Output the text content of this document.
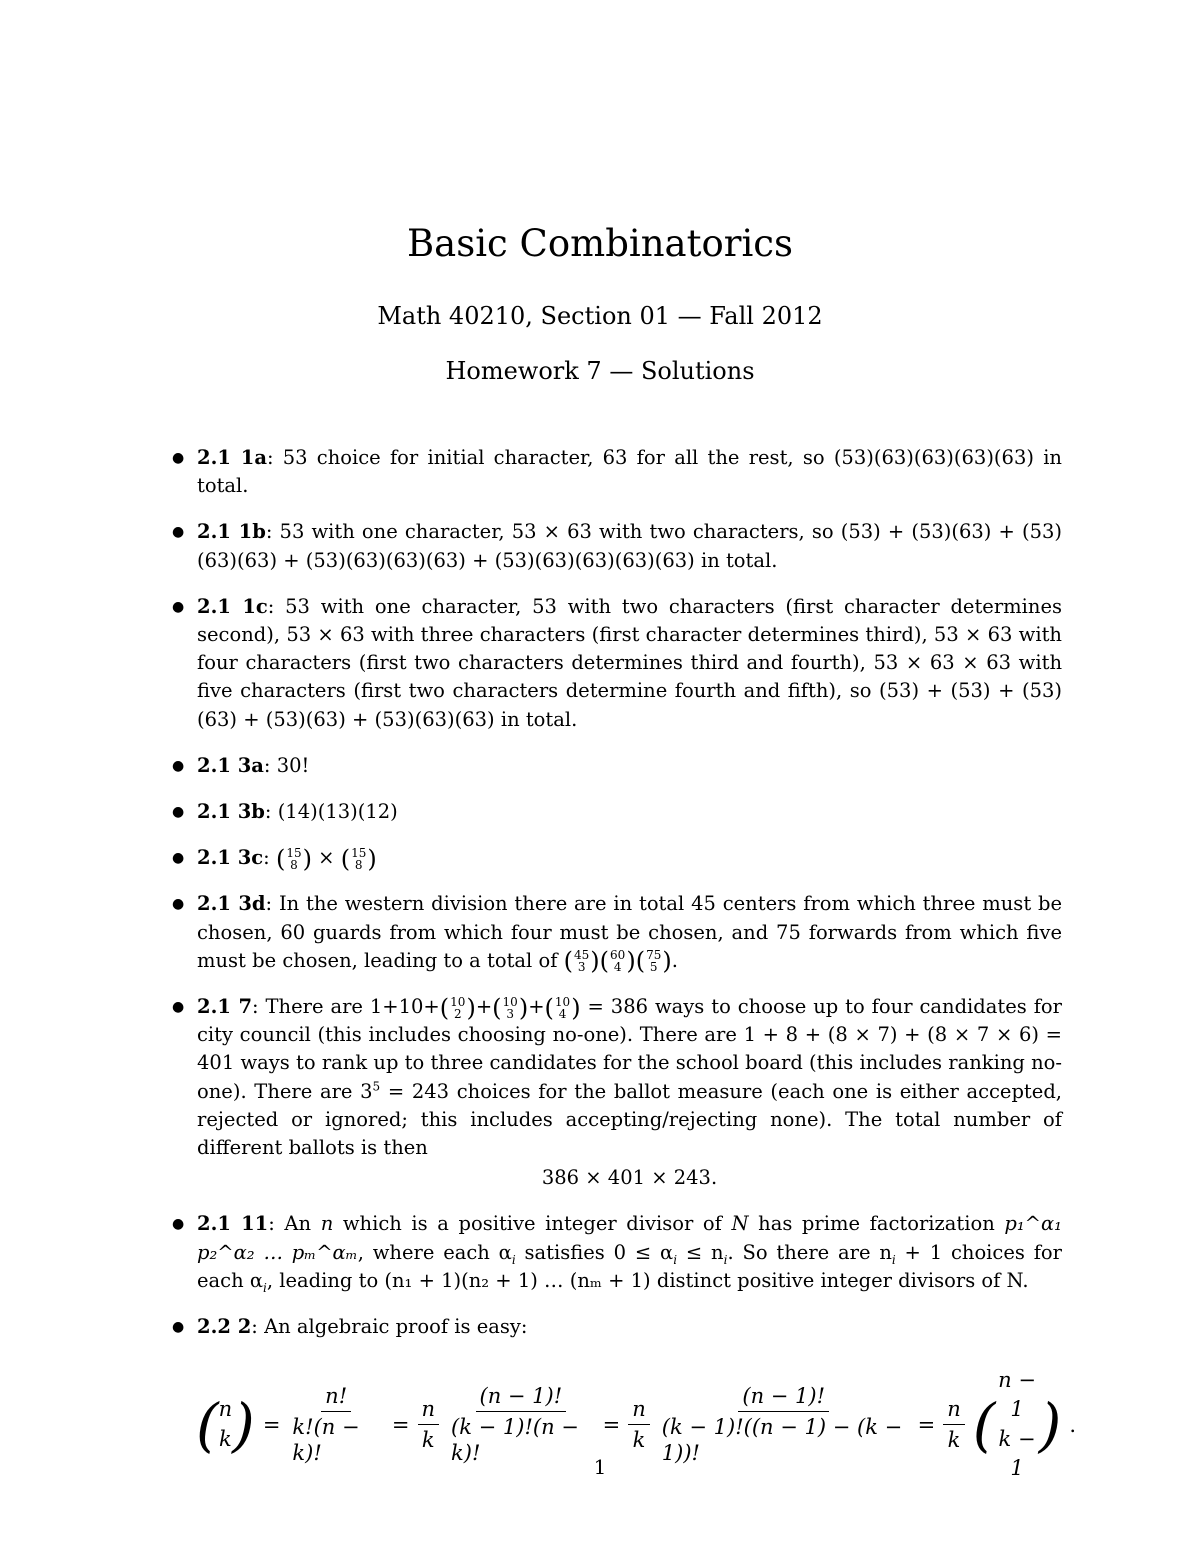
Basic Combinatorics
Math 40210, Section 01 — Fall 2012
Homework 7 — Solutions
● 2.1 1a: 53 choice for initial character, 63 for all the rest, so (53)(63)(63)(63)(63) in total.
● 2.1 1b: 53 with one character, 53 × 63 with two characters, so (53) + (53)(63) + (53)(63)(63) + (53)(63)(63)(63) + (53)(63)(63)(63)(63) in total.
● 2.1 1c: 53 with one character, 53 with two characters (first character determines second), 53 × 63 with three characters (first character determines third), 53 × 63 with four characters (first two characters determines third and fourth), 53 × 63 × 63 with five characters (first two characters determine fourth and fifth), so (53) + (53) + (53)(63) + (53)(63) + (53)(63)(63) in total.
● 2.1 3a: 30!
● 2.1 3b: (14)(13)(12)
● 2.1 3c: ( 15
8 ) × ( 15
8 )
● 2.1 3d: In the western division there are in total 45 centers from which three must be chosen, 60 guards from which four must be chosen, and 75 forwards from which five must be chosen, leading to a total of ( 45
3 ) ( 60
4 ) ( 75
5 ) .
● 2.1 7: There are 1+10+ ( 10
2 ) + ( 10
3 ) + ( 10
4 ) = 386 ways to choose up to four candidates for city council (this includes choosing no-one). There are 1 + 8 + (8 × 7) + (8 × 7 × 6) = 401 ways to rank up to three candidates for the school board (this includes ranking no-one). There are $3^5 = 243$ choices for the ballot measure (each one is either accepted, rejected or ignored; this includes accepting/rejecting none). The total number of different ballots is then
386 × 401 × 243.
● 2.1 11: An n which is a positive integer divisor of N has prime factorization p₁^α₁ p₂^α₂ … pₘ^αₘ, where each $\alpha_i$ satisfies $0 \le \alpha_i \le n_i$. So there are $n_i + 1$ choices for each $\alpha_i$, leading to (n₁ + 1)(n₂ + 1) … (nₘ + 1) distinct positive integer divisors of N.
● 2.2 2: An algebraic proof is easy:
( n
k ) = $\frac{n!}{k!(n - k)!} = \frac{n}{k} \frac{(n - 1)!}{(k - 1)!(n - k)!} = \frac{n}{k} \frac{(n - 1)!}{(k - 1)!((n - 1) - (k - 1))!} = \frac{n}{k}$ (
n − 1
k − 1
) .
1
